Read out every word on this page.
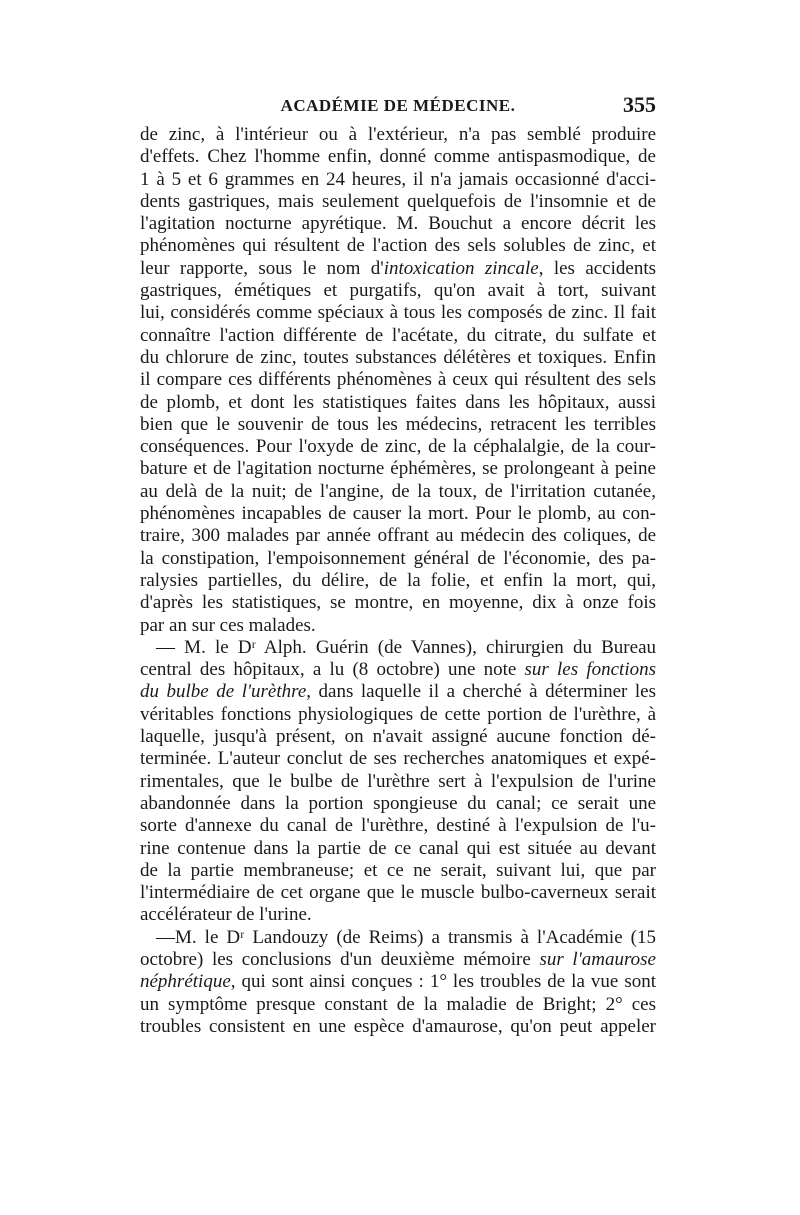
ACADÉMIE DE MÉDECINE.	355
de zinc, à l'intérieur ou à l'extérieur, n'a pas semblé produire
d'effets. Chez l'homme enfin, donné comme antispasmodique, de
1 à 5 et 6 grammes en 24 heures, il n'a jamais occasionné d'acci-
dents gastriques, mais seulement quelquefois de l'insomnie et de
l'agitation nocturne apyrétique. M. Bouchut a encore décrit les
phénomènes qui résultent de l'action des sels solubles de zinc, et
leur rapporte, sous le nom d'intoxication zincale, les accidents
gastriques, émétiques et purgatifs, qu'on avait à tort, suivant
lui, considérés comme spéciaux à tous les composés de zinc. Il fait
connaître l'action différente de l'acétate, du citrate, du sulfate et
du chlorure de zinc, toutes substances délétères et toxiques. Enfin
il compare ces différents phénomènes à ceux qui résultent des sels
de plomb, et dont les statistiques faites dans les hôpitaux, aussi
bien que le souvenir de tous les médecins, retracent les terribles
conséquences. Pour l'oxyde de zinc, de la céphalalgie, de la cour-
bature et de l'agitation nocturne éphémères, se prolongeant à peine
au delà de la nuit; de l'angine, de la toux, de l'irritation cutanée,
phénomènes incapables de causer la mort. Pour le plomb, au con-
traire, 300 malades par année offrant au médecin des coliques, de
la constipation, l'empoisonnement général de l'économie, des pa-
ralysies partielles, du délire, de la folie, et enfin la mort, qui,
d'après les statistiques, se montre, en moyenne, dix à onze fois
par an sur ces malades.
— M. le Dʳ Alph. Guérin (de Vannes), chirurgien du Bureau
central des hôpitaux, a lu (8 octobre) une note sur les fonctions
du bulbe de l'urèthre, dans laquelle il a cherché à déterminer les
véritables fonctions physiologiques de cette portion de l'urèthre, à
laquelle, jusqu'à présent, on n'avait assigné aucune fonction dé-
terminée. L'auteur conclut de ses recherches anatomiques et expé-
rimentales, que le bulbe de l'urèthre sert à l'expulsion de l'urine
abandonnée dans la portion spongieuse du canal; ce serait une
sorte d'annexe du canal de l'urèthre, destiné à l'expulsion de l'u-
rine contenue dans la partie de ce canal qui est située au devant
de la partie membraneuse; et ce ne serait, suivant lui, que par
l'intermédiaire de cet organe que le muscle bulbo-caverneux serait
accélérateur de l'urine.
—M. le Dʳ Landouzy (de Reims) a transmis à l'Académie (15
octobre) les conclusions d'un deuxième mémoire sur l'amaurose
néphrétique, qui sont ainsi conçues : 1° les troubles de la vue sont
un symptôme presque constant de la maladie de Bright; 2° ces
troubles consistent en une espèce d'amaurose, qu'on peut appeler
